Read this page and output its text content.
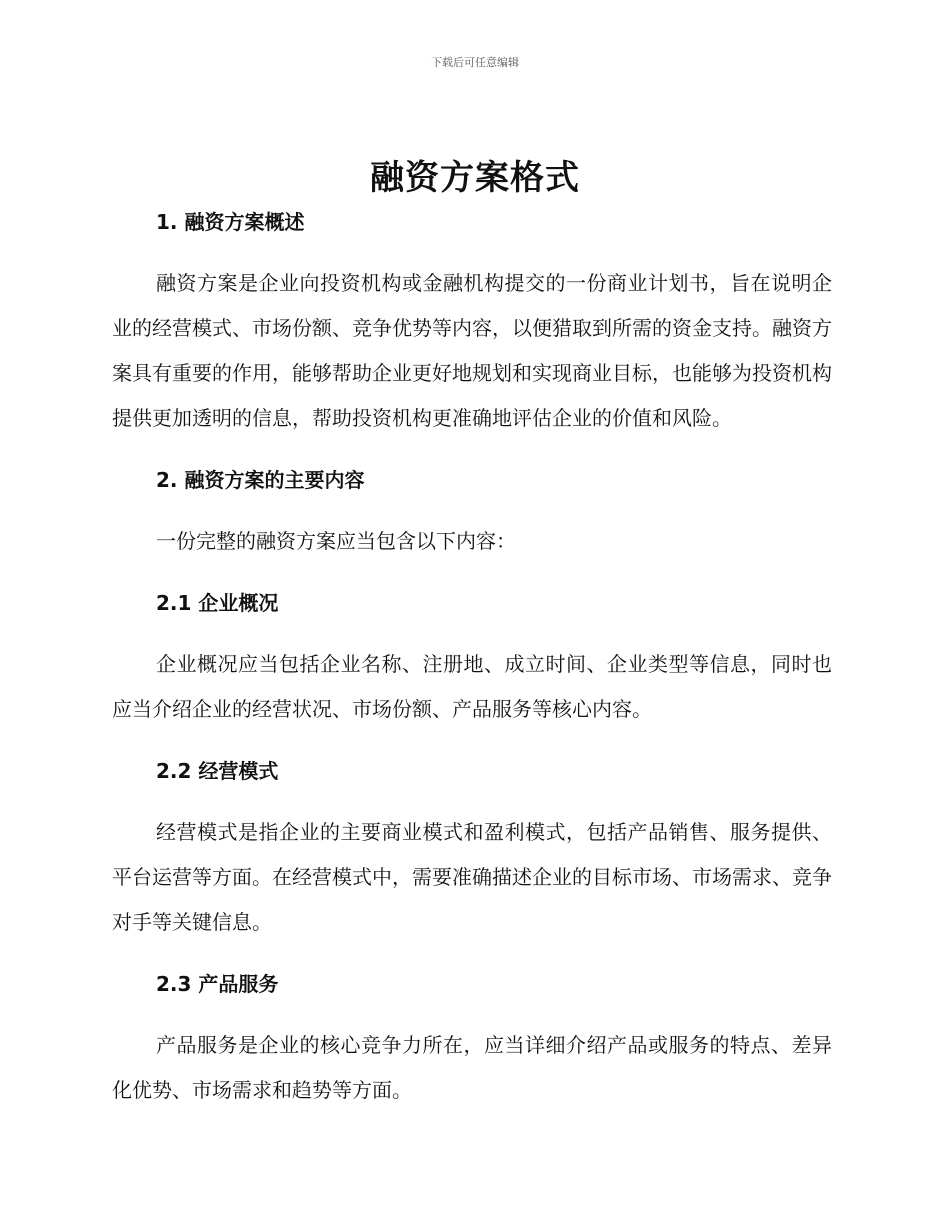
下载后可任意编辑
融资方案格式
1. 融资方案概述

融资方案是企业向投资机构或金融机构提交的一份商业计划书，旨在说明企业的经营模式、市场份额、竞争优势等内容，以便猎取到所需的资金支持。融资方案具有重要的作用，能够帮助企业更好地规划和实现商业目标，也能够为投资机构提供更加透明的信息，帮助投资机构更准确地评估企业的价值和风险。

2. 融资方案的主要内容

一份完整的融资方案应当包含以下内容：

2.1 企业概况

企业概况应当包括企业名称、注册地、成立时间、企业类型等信息，同时也应当介绍企业的经营状况、市场份额、产品服务等核心内容。

2.2 经营模式

经营模式是指企业的主要商业模式和盈利模式，包括产品销售、服务提供、平台运营等方面。在经营模式中，需要准确描述企业的目标市场、市场需求、竞争对手等关键信息。

2.3 产品服务

产品服务是企业的核心竞争力所在，应当详细介绍产品或服务的特点、差异化优势、市场需求和趋势等方面。
